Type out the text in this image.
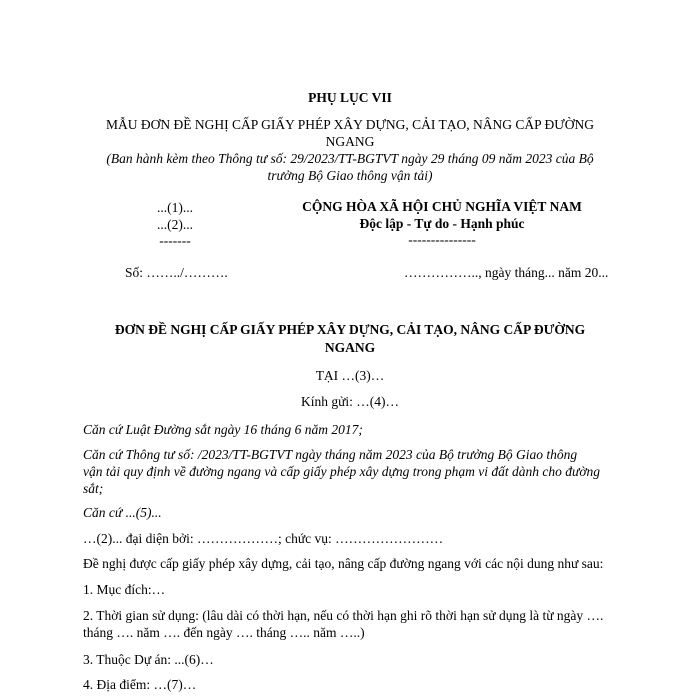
PHỤ LỤC VII
MẪU ĐƠN ĐỀ NGHỊ CẤP GIẤY PHÉP XÂY DỰNG, CẢI TẠO, NÂNG CẤP ĐƯỜNG
NGANG
(Ban hành kèm theo Thông tư số: 29/2023/TT-BGTVT ngày 29 tháng 09 năm 2023 của Bộ
trưởng Bộ Giao thông vận tải)
...(1)...
...(2)...
-------
CỘNG HÒA XÃ HỘI CHỦ NGHĨA VIỆT NAM
Độc lập - Tự do - Hạnh phúc
---------------
Số: ……../……….	…………….., ngày tháng... năm 20...
ĐƠN ĐỀ NGHỊ CẤP GIẤY PHÉP XÂY DỰNG, CẢI TẠO, NÂNG CẤP ĐƯỜNG
NGANG
TẠI …(3)…
Kính gửi: …(4)…
Căn cứ Luật Đường sắt ngày 16 tháng 6 năm 2017;
Căn cứ Thông tư số: /2023/TT-BGTVT ngày tháng năm 2023 của Bộ trưởng Bộ Giao thông
vận tải quy định về đường ngang và cấp giấy phép xây dựng trong phạm vi đất dành cho đường
sắt;
Căn cứ ...(5)...
…(2)... đại diện bởi: ………………; chức vụ: ……………………
Đề nghị được cấp giấy phép xây dựng, cải tạo, nâng cấp đường ngang với các nội dung như sau:
1. Mục đích:…
2. Thời gian sử dụng: (lâu dài có thời hạn, nếu có thời hạn ghi rõ thời hạn sử dụng là từ ngày ….
tháng …. năm …. đến ngày …. tháng ….. năm …..)
3. Thuộc Dự án: ...(6)…
4. Địa điểm: …(7)…
